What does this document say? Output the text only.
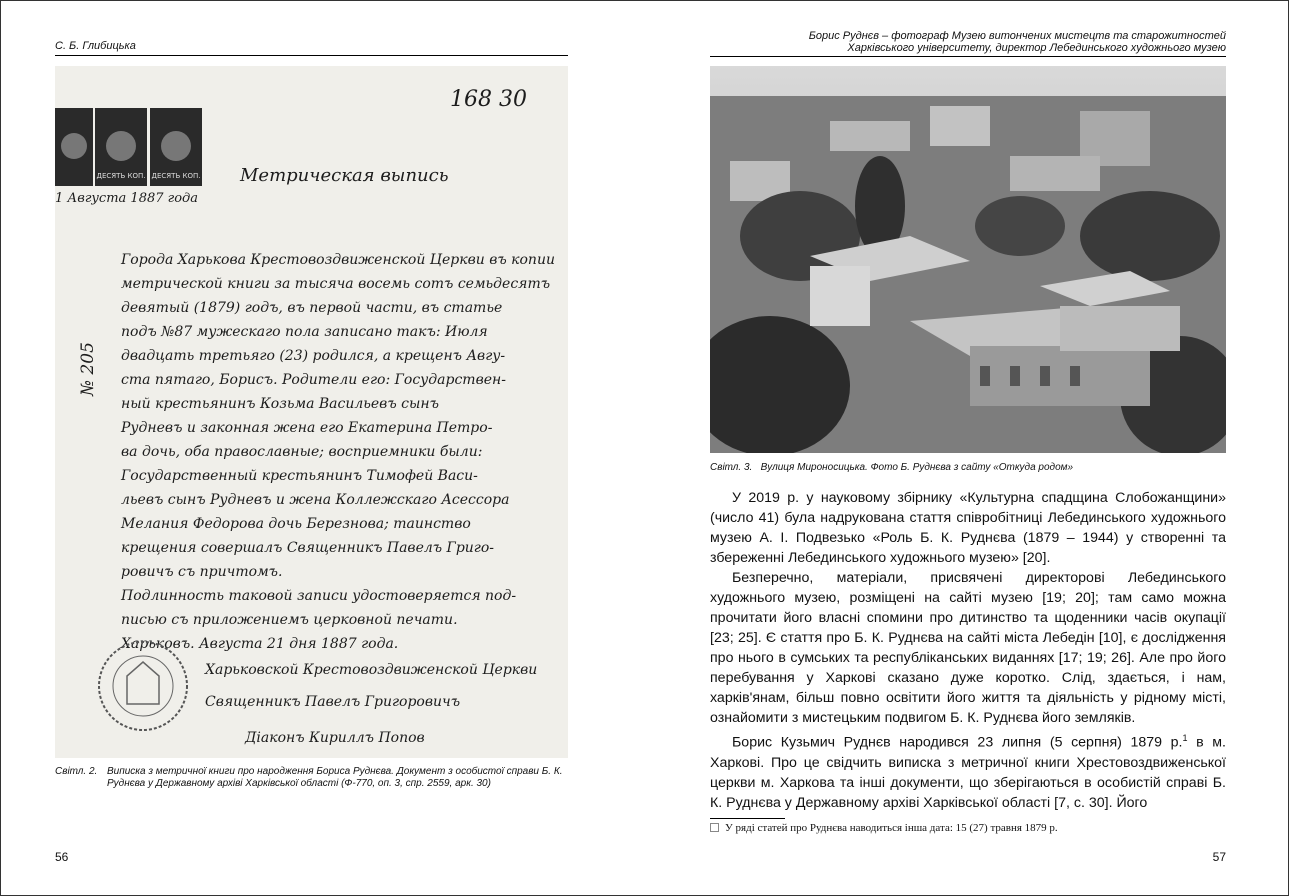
С. Б. Глибицька
ДЕСЯТЬ КОП. ДЕСЯТЬ КОП.
168 30
1 Августа 1887 года
Метрическая выпись
№ 205
Города Харькова Крестовоздвиженской Церкви въ копии
метрической книги за тысяча восемь сотъ семьдесятъ
девятый (1879) годъ, въ первой части, въ статье
подъ №87 мужескаго пола записано такъ: Июля
двадцать третьяго (23) родился, а крещенъ Авгу-
ста пятаго, Борисъ. Родители его: Государствен-
ный крестьянинъ Козьма Васильевъ сынъ
Рудневъ и законная жена его Екатерина Петро-
ва дочь, оба православные; восприемники были:
Государственный крестьянинъ Тимофей Васи-
льевъ сынъ Рудневъ и жена Коллежскаго Асессора
Мелания Федорова дочь Березнова; таинство
крещения совершалъ Священникъ Павелъ Григо-
ровичъ съ причтомъ.
Подлинность таковой записи удостоверяется под-
писью съ приложениемъ церковной печати.
Харьковъ. Августа 21 дня 1887 года.
Харьковской Крестовоздвиженской Церкви
Священникъ Павелъ Григоровичъ
Діаконъ Кириллъ Попов
Світл. 2. Виписка з метричної книги про народження Бориса Руднєва. Документ з особистої справи Б. К. Руднєва у Державному архіві Харківської області (Ф-770, оп. 3, спр. 2559, арк. 30)
56
Борис Руднєв – фотограф Музею витончених мистецтв та старожитностей
Харківського університету, директор Лебединського художнього музею
Світл. 3.   Вулиця Мироносицька. Фото Б. Руднєва з сайту «Откуда родом»

У 2019 р. у науковому збірнику «Культурна спадщина Слобожанщини» (число 41) була надрукована стаття співробітниці Лебединського художнього музею А. І. Подвезько «Роль Б. К. Руднєва (1879 – 1944) у створенні та збереженні Лебединського художнього музею» [20].

Безперечно, матеріали, присвячені директорові Лебединського художнього музею, розміщені на сайті музею [19; 20]; там само можна прочитати його власні спомини про дитинство та щоденники часів окупації [23; 25]. Є стаття про Б. К. Руднєва на сайті міста Лебедін [10], є дослідження про нього в сумських та республіканських виданнях [17; 19; 26]. Але про його перебування у Харкові сказано дуже коротко. Слід, здається, і нам, харків'янам, більш повно освітити його життя та діяльність у рідному місті, ознайомити з мистецьким подвигом Б. К. Руднєва його земляків.

Борис Кузьмич Руднєв народився 23 липня (5 серпня) 1879 р.$^1$ в м. Харкові. Про це свідчить виписка з метричної книги Хрестовоздвиженської церкви м. Харкова та інші документи, що зберігаються в особистій справі Б. К. Руднєва у Державному архіві Харківської області [7, с. 30]. Його

У ряді статей про Руднєва наводиться інша дата: 15 (27) травня 1879 р.
57
